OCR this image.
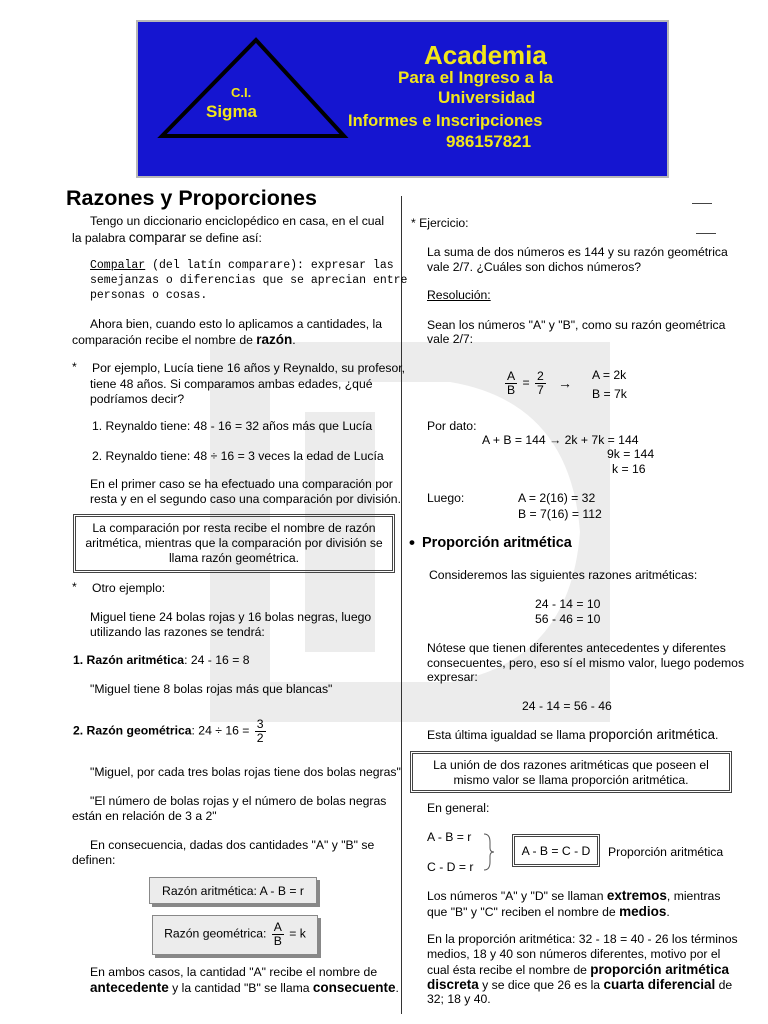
C.I.
Sigma
Academia
Para el Ingreso a la
Universidad
Informes e Inscripciones
986157821
Razones y Proporciones
Tengo un diccionario enciclopédico en casa, en el cual
la palabra comparar se define así:
Compalar (del latín comparare): expresar las
semejanzas o diferencias que se aprecian entre
personas o cosas.
Ahora bien, cuando esto lo aplicamos a cantidades, la
comparación recibe el nombre de razón.
* Por ejemplo, Lucía tiene 16 años y Reynaldo, su profesor,
tiene 48 años. Si comparamos ambas edades, ¿qué
podríamos decir?
1. Reynaldo tiene: 48 - 16 = 32 años más que Lucía
2. Reynaldo tiene: 48 ÷ 16 = 3 veces la edad de Lucía
En el primer caso se ha efectuado una comparación por
resta y en el segundo caso una comparación por división.
La comparación por resta recibe el nombre de razón
aritmética, mientras que la comparación por división se
llama razón geométrica.
* Otro ejemplo:
Miguel tiene 24 bolas rojas y 16 bolas negras, luego
utilizando las razones se tendrá:
1. Razón aritmética: 24 - 16 = 8
"Miguel tiene 8 bolas rojas más que blancas"
2. Razón geométrica: $24 \div 16 = \frac{3}{2}$
"Miguel, por cada tres bolas rojas tiene dos bolas negras"
"El número de bolas rojas y el número de bolas negras
están en relación de 3 a 2"
En consecuencia, dadas dos cantidades "A" y "B" se
definen:
Razón aritmética: A - B = r
Razón geométrica: $\frac{A}{B} = k$
En ambos casos, la cantidad "A" recibe el nombre de
antecedente y la cantidad "B" se llama consecuente.
* Ejercicio:
La suma de dos números es 144 y su razón geométrica
vale 2/7. ¿Cuáles son dichos números?
Resolución:
Sean los números "A" y "B", como su razón geométrica
vale 2/7:
$\frac{A}{B} = \frac{2}{7} \to A = 2k$
B = 7k
Por dato:
A + B = 144 → 2k + 7k = 144
9k = 144
k = 16
Luego:	A = 2(16) = 32
B = 7(16) = 112
• Proporción aritmética
Consideremos las siguientes razones aritméticas:
24 - 14 = 10
56 - 46 = 10
Nótese que tienen diferentes antecedentes y diferentes
consecuentes, pero, eso sí el mismo valor, luego podemos
expresar:
24 - 14 = 56 - 46
Esta última igualdad se llama proporción aritmética.
La unión de dos razones aritméticas que poseen el
mismo valor se llama proporción aritmética.
En general:
A - B = r
C - D = r
A - B = C - D	Proporción aritmética
Los números "A" y "D" se llaman extremos, mientras
que "B" y "C" reciben el nombre de medios.
En la proporción aritmética: 32 - 18 = 40 - 26 los términos
medios, 18 y 40 son números diferentes, motivo por el
cual ésta recibe el nombre de proporción aritmética
discreta y se dice que 26 es la cuarta diferencial de
32; 18 y 40.
